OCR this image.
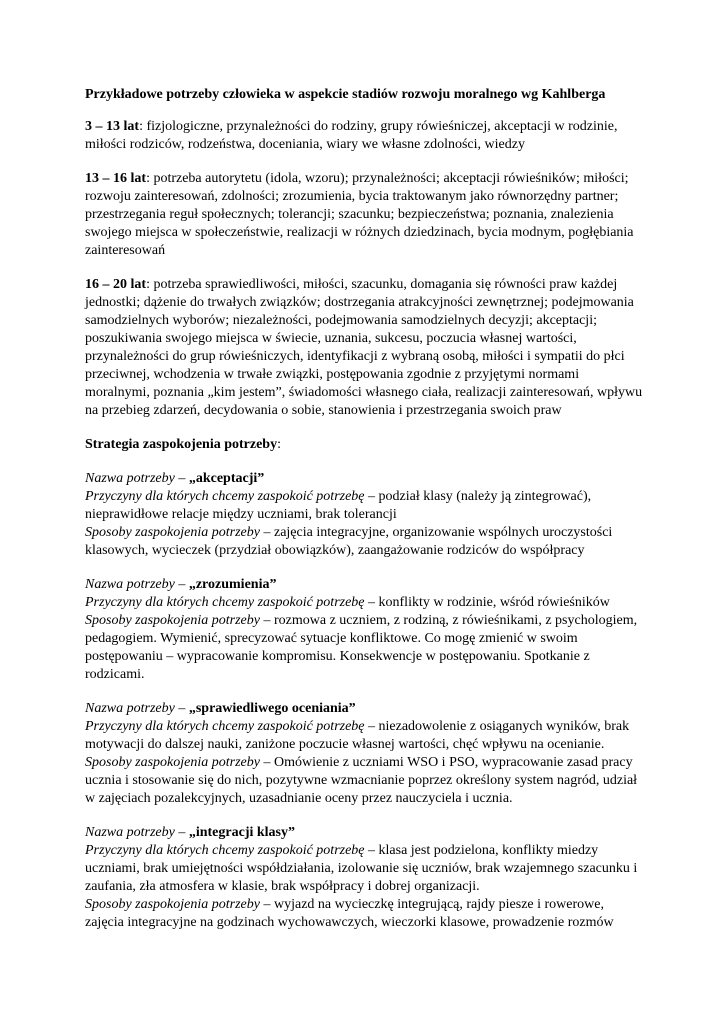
Przykładowe potrzeby człowieka w aspekcie stadiów rozwoju moralnego wg Kahlberga

3 – 13 lat: fizjologiczne, przynależności do rodziny, grupy rówieśniczej, akceptacji w rodzinie, miłości rodziców, rodzeństwa, doceniania, wiary we własne zdolności, wiedzy

13 – 16 lat: potrzeba autorytetu (idola, wzoru); przynależności; akceptacji rówieśników; miłości; rozwoju zainteresowań, zdolności; zrozumienia, bycia traktowanym jako równorzędny partner; przestrzegania reguł społecznych; tolerancji; szacunku; bezpieczeństwa; poznania, znalezienia swojego miejsca w społeczeństwie, realizacji w różnych dziedzinach, bycia modnym, pogłębiania zainteresowań

16 – 20 lat: potrzeba sprawiedliwości, miłości, szacunku, domagania się równości praw każdej jednostki; dążenie do trwałych związków; dostrzegania atrakcyjności zewnętrznej; podejmowania samodzielnych wyborów; niezależności, podejmowania samodzielnych decyzji; akceptacji; poszukiwania swojego miejsca w świecie, uznania, sukcesu, poczucia własnej wartości, przynależności do grup rówieśniczych, identyfikacji z wybraną osobą, miłości i sympatii do płci przeciwnej, wchodzenia w trwałe związki, postępowania zgodnie z przyjętymi normami moralnymi, poznania „kim jestem”, świadomości własnego ciała, realizacji zainteresowań, wpływu na przebieg zdarzeń, decydowania o sobie, stanowienia i przestrzegania swoich praw

Strategia zaspokojenia potrzeby:

Nazwa potrzeby – „akceptacji”
Przyczyny dla których chcemy zaspokoić potrzebę – podział klasy (należy ją zintegrować), nieprawidłowe relacje między uczniami, brak tolerancji
Sposoby zaspokojenia potrzeby – zajęcia integracyjne, organizowanie wspólnych uroczystości klasowych, wycieczek (przydział obowiązków), zaangażowanie rodziców do współpracy
Nazwa potrzeby – „zrozumienia”
Przyczyny dla których chcemy zaspokoić potrzebę – konflikty w rodzinie, wśród rówieśników
Sposoby zaspokojenia potrzeby – rozmowa z uczniem, z rodziną, z rówieśnikami, z psychologiem, pedagogiem. Wymienić, sprecyzować sytuacje konfliktowe. Co mogę zmienić w swoim postępowaniu – wypracowanie kompromisu. Konsekwencje w postępowaniu. Spotkanie z rodzicami.
Nazwa potrzeby – „sprawiedliwego oceniania”
Przyczyny dla których chcemy zaspokoić potrzebę – niezadowolenie z osiąganych wyników, brak motywacji do dalszej nauki, zaniżone poczucie własnej wartości, chęć wpływu na ocenianie.
Sposoby zaspokojenia potrzeby – Omówienie z uczniami WSO i PSO, wypracowanie zasad pracy ucznia i stosowanie się do nich, pozytywne wzmacnianie poprzez określony system nagród, udział w zajęciach pozalekcyjnych, uzasadnianie oceny przez nauczyciela i ucznia.
Nazwa potrzeby – „integracji klasy”
Przyczyny dla których chcemy zaspokoić potrzebę – klasa jest podzielona, konflikty miedzy uczniami, brak umiejętności współdziałania, izolowanie się uczniów, brak wzajemnego szacunku i zaufania, zła atmosfera w klasie, brak współpracy i dobrej organizacji.
Sposoby zaspokojenia potrzeby – wyjazd na wycieczkę integrującą, rajdy piesze i rowerowe, zajęcia integracyjne na godzinach wychowawczych, wieczorki klasowe, prowadzenie rozmów
